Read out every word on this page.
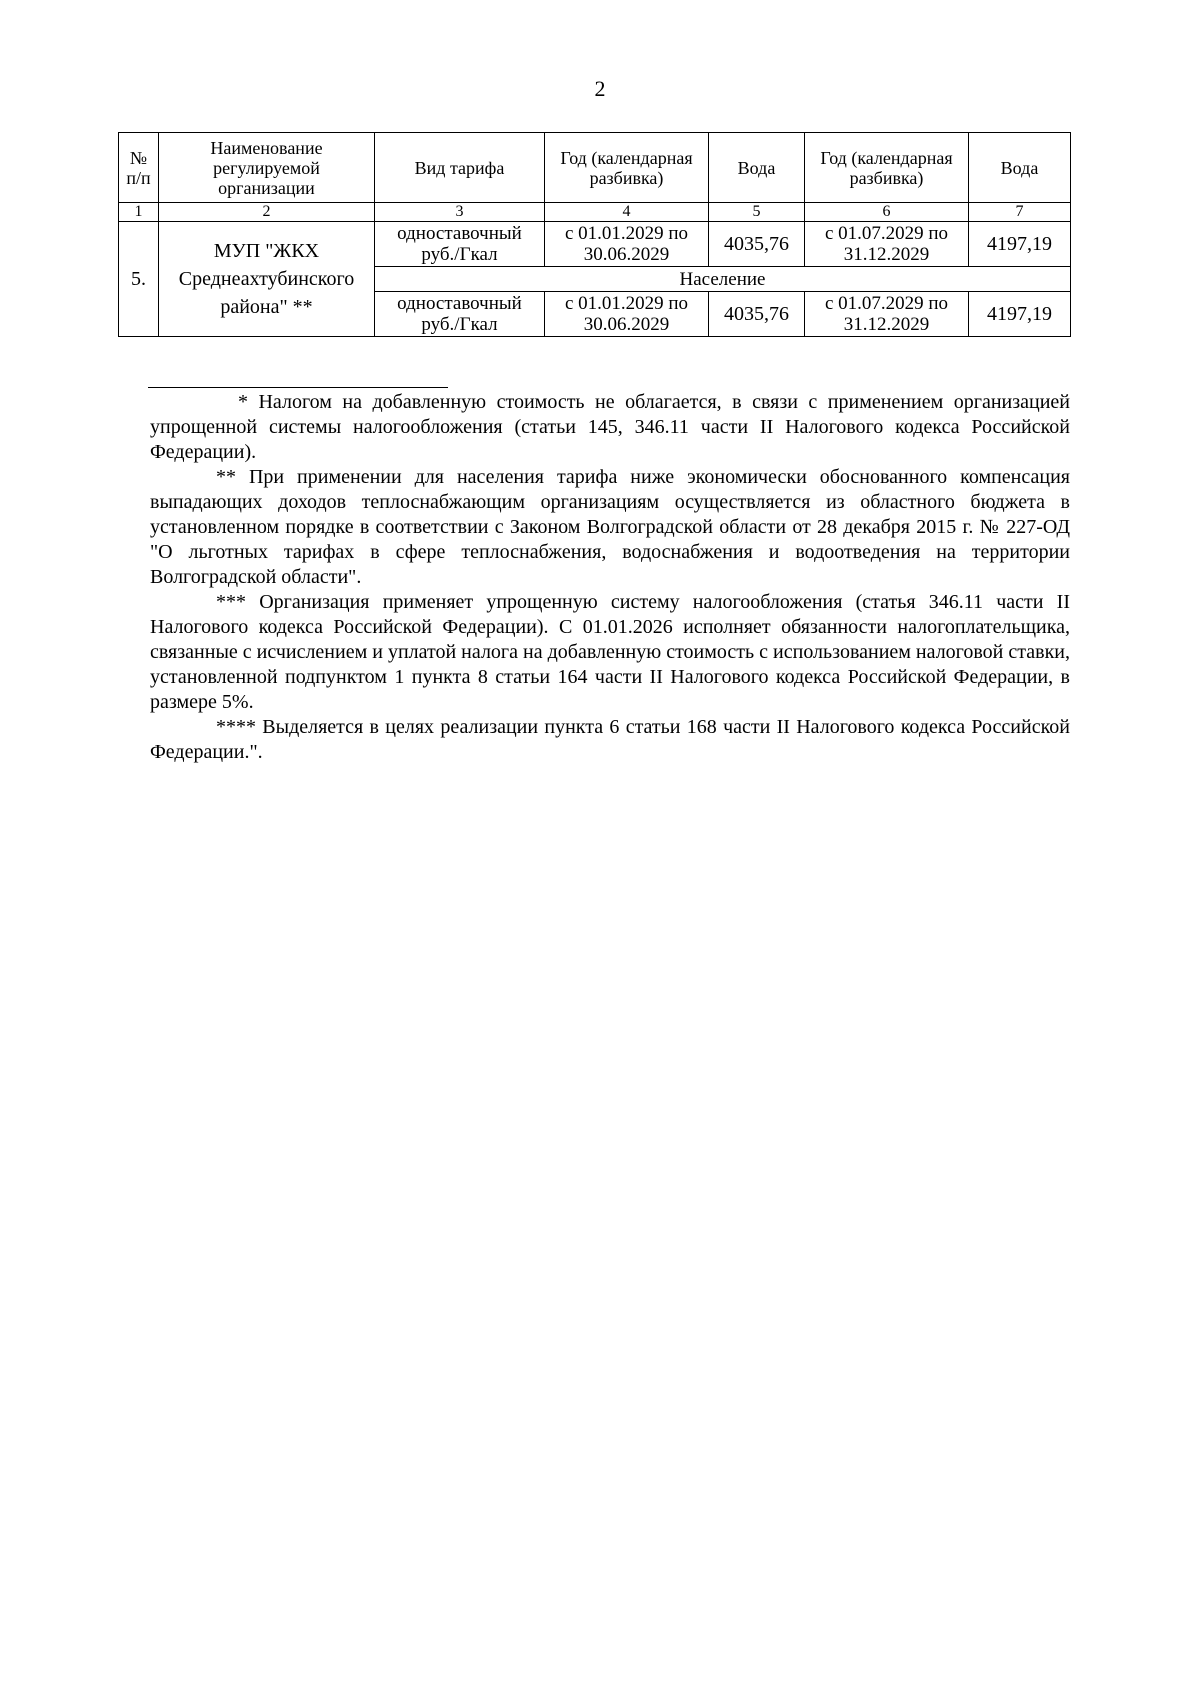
2
№ п/п	Наименование регулируемой организации	Вид тарифа	Год (календарная разбивка)	Вода	Год (календарная разбивка)	Вода
1	2	3	4	5	6	7
5.	МУП "ЖКХ Среднеахтубинского района" **	одноставочный руб./Гкал	с 01.01.2029 по 30.06.2029	4035,76	с 01.07.2029 по 31.12.2029	4197,19
		Население				
		одноставочный руб./Гкал	с 01.01.2029 по 30.06.2029	4035,76	с 01.07.2029 по 31.12.2029	4197,19

* Налогом на добавленную стоимость не облагается, в связи с применением организацией упрощенной системы налогообложения (статьи 145, 346.11 части II Налогового кодекса Российской Федерации).

** При применении для населения тарифа ниже экономически обоснованного компенсация выпадающих доходов теплоснабжающим организациям осуществляется из областного бюджета в установленном порядке в соответствии с Законом Волгоградской области от 28 декабря 2015 г. № 227-ОД "О льготных тарифах в сфере теплоснабжения, водоснабжения и водоотведения на территории Волгоградской области".

*** Организация применяет упрощенную систему налогообложения (статья 346.11 части II Налогового кодекса Российской Федерации). С 01.01.2026 исполняет обязанности налогоплательщика, связанные с исчислением и уплатой налога на добавленную стоимость с использованием налоговой ставки, установленной подпунктом 1 пункта 8 статьи 164 части II Налогового кодекса Российской Федерации, в размере 5%.

**** Выделяется в целях реализации пункта 6 статьи 168 части II Налогового кодекса Российской Федерации.".
